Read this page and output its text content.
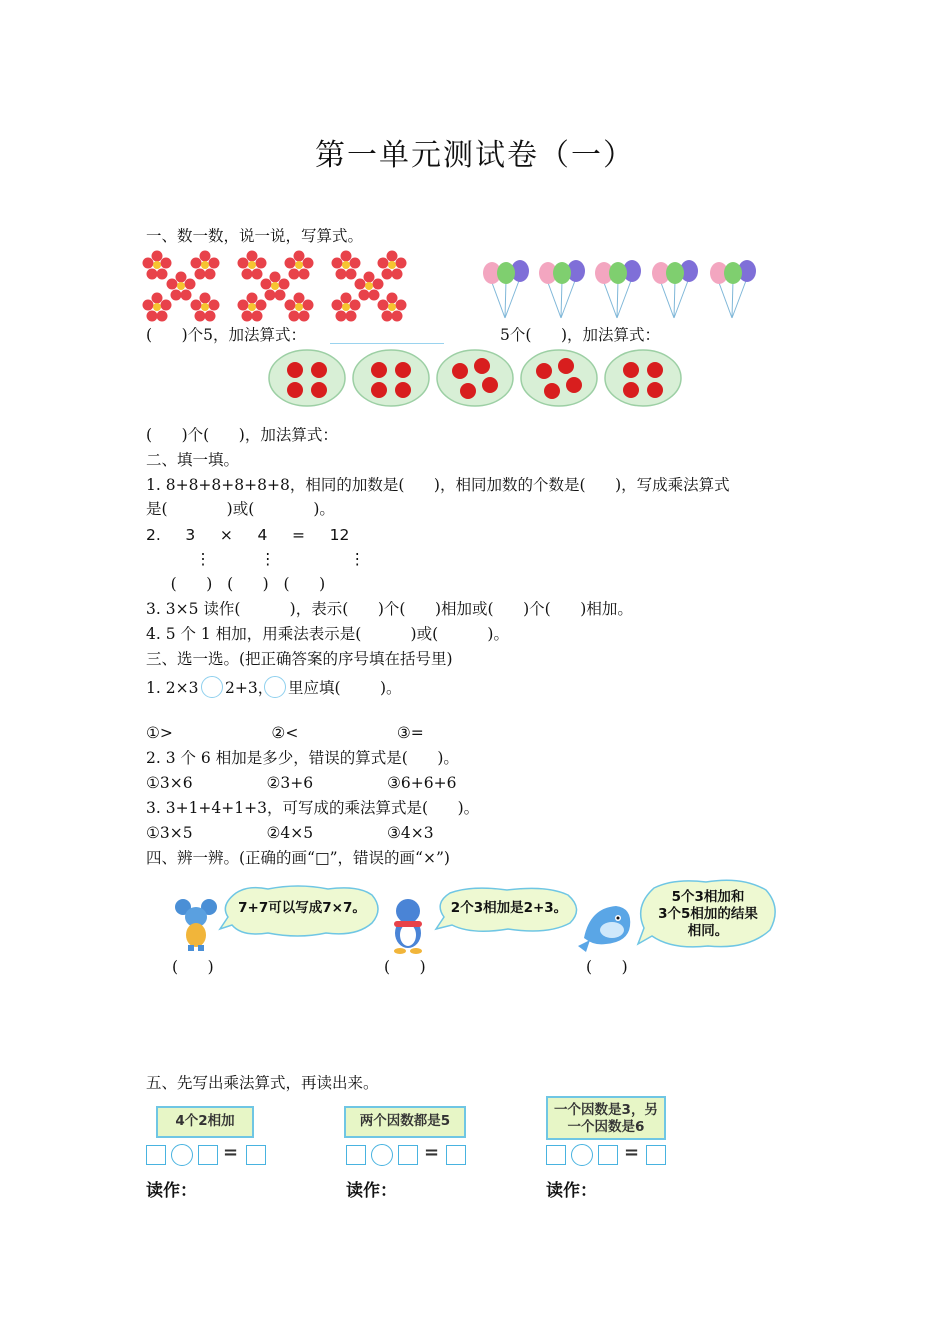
第一单元测试卷（一）
一、数一数，说一说，写算式。
(      )个5，加法算式：	5个(      )，加法算式：
(      )个(      )，加法算式：
二、填一填。
1. 8+8+8+8+8+8，相同的加数是(      )，相同加数的个数是(      )，写成乘法算式
是(            )或(            )。
2.     3     ×     4     =     12
⋮          ⋮               ⋮
(      )   (      )   (      )
3. 3×5 读作(          )，表示(      )个(      )相加或(      )个(      )相加。
4. 5 个 1 相加，用乘法表示是(          )或(          )。
三、选一选。(把正确答案的序号填在括号里)
1. 2×3 2+3， 里应填(        )。
①>                    ②<                    ③=
2. 3 个 6 相加是多少，错误的算式是(      )。
①3×6               ②3+6               ③6+6+6
3. 3+1+4+1+3，可写成的乘法算式是(      )。
①3×5               ②4×5               ③4×3
四、辨一辨。(正确的画“□”，错误的画“×”)
7+7可以写成7×7。
(      )
2个3相加是2+3。
(      )
5个3相加和
3个5相加的结果
相同。
(      )
五、先写出乘法算式，再读出来。
4个2相加
=
读作：
两个因数都是5
=
读作：
一个因数是3，另
一个因数是6
=
读作：
